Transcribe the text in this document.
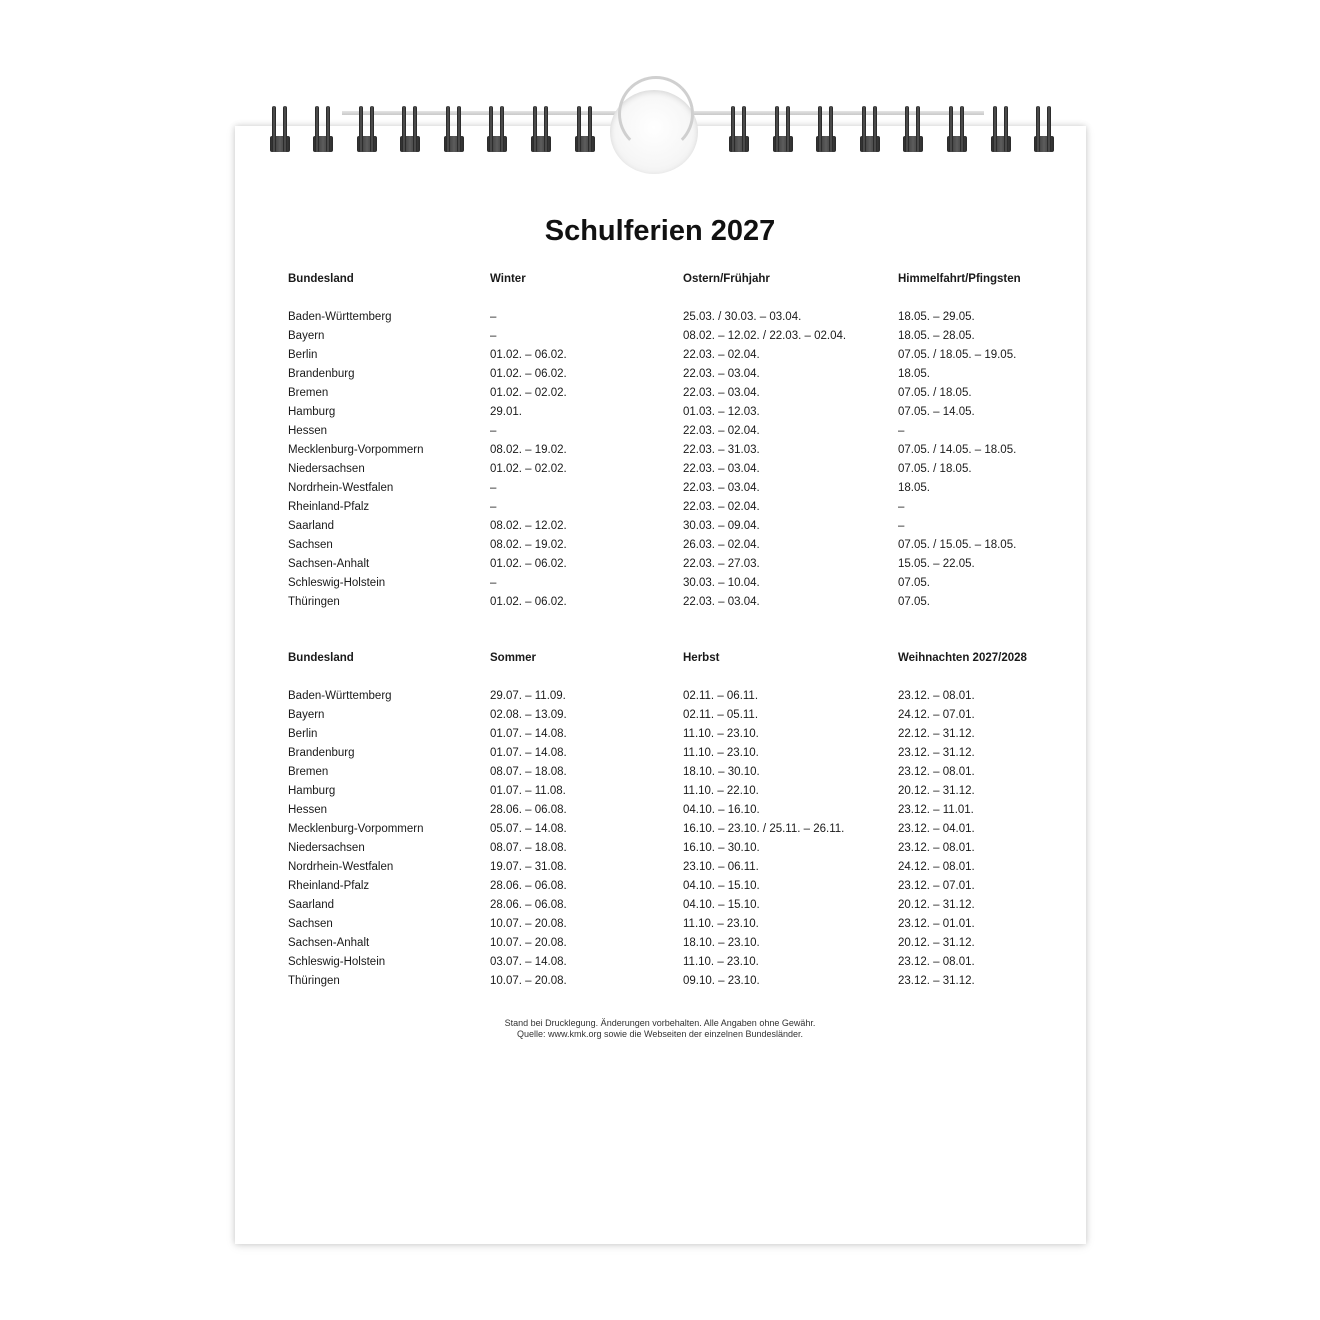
Schulferien 2027
Bundesland	Winter	Ostern/Frühjahr	Himmelfahrt/Pfingsten
Baden-Württemberg	–	25.03. / 30.03. – 03.04.	18.05. – 29.05.
Bayern	–	08.02. – 12.02. / 22.03. – 02.04.	18.05. – 28.05.
Berlin	01.02. – 06.02.	22.03. – 02.04.	07.05. / 18.05. – 19.05.
Brandenburg	01.02. – 06.02.	22.03. – 03.04.	18.05.
Bremen	01.02. – 02.02.	22.03. – 03.04.	07.05. / 18.05.
Hamburg	29.01.	01.03. – 12.03.	07.05. – 14.05.
Hessen	–	22.03. – 02.04.	–
Mecklenburg-Vorpommern	08.02. – 19.02.	22.03. – 31.03.	07.05. / 14.05. – 18.05.
Niedersachsen	01.02. – 02.02.	22.03. – 03.04.	07.05. / 18.05.
Nordrhein-Westfalen	–	22.03. – 03.04.	18.05.
Rheinland-Pfalz	–	22.03. – 02.04.	–
Saarland	08.02. – 12.02.	30.03. – 09.04.	–
Sachsen	08.02. – 19.02.	26.03. – 02.04.	07.05. / 15.05. – 18.05.
Sachsen-Anhalt	01.02. – 06.02.	22.03. – 27.03.	15.05. – 22.05.
Schleswig-Holstein	–	30.03. – 10.04.	07.05.
Thüringen	01.02. – 06.02.	22.03. – 03.04.	07.05.
Bundesland	Sommer	Herbst	Weihnachten 2027/2028
Baden-Württemberg	29.07. – 11.09.	02.11. – 06.11.	23.12. – 08.01.
Bayern	02.08. – 13.09.	02.11. – 05.11.	24.12. – 07.01.
Berlin	01.07. – 14.08.	11.10. – 23.10.	22.12. – 31.12.
Brandenburg	01.07. – 14.08.	11.10. – 23.10.	23.12. – 31.12.
Bremen	08.07. – 18.08.	18.10. – 30.10.	23.12. – 08.01.
Hamburg	01.07. – 11.08.	11.10. – 22.10.	20.12. – 31.12.
Hessen	28.06. – 06.08.	04.10. – 16.10.	23.12. – 11.01.
Mecklenburg-Vorpommern	05.07. – 14.08.	16.10. – 23.10. / 25.11. – 26.11.	23.12. – 04.01.
Niedersachsen	08.07. – 18.08.	16.10. – 30.10.	23.12. – 08.01.
Nordrhein-Westfalen	19.07. – 31.08.	23.10. – 06.11.	24.12. – 08.01.
Rheinland-Pfalz	28.06. – 06.08.	04.10. – 15.10.	23.12. – 07.01.
Saarland	28.06. – 06.08.	04.10. – 15.10.	20.12. – 31.12.
Sachsen	10.07. – 20.08.	11.10. – 23.10.	23.12. – 01.01.
Sachsen-Anhalt	10.07. – 20.08.	18.10. – 23.10.	20.12. – 31.12.
Schleswig-Holstein	03.07. – 14.08.	11.10. – 23.10.	23.12. – 08.01.
Thüringen	10.07. – 20.08.	09.10. – 23.10.	23.12. – 31.12.
Stand bei Drucklegung. Änderungen vorbehalten. Alle Angaben ohne Gewähr.
Quelle: www.kmk.org sowie die Webseiten der einzelnen Bundesländer.
